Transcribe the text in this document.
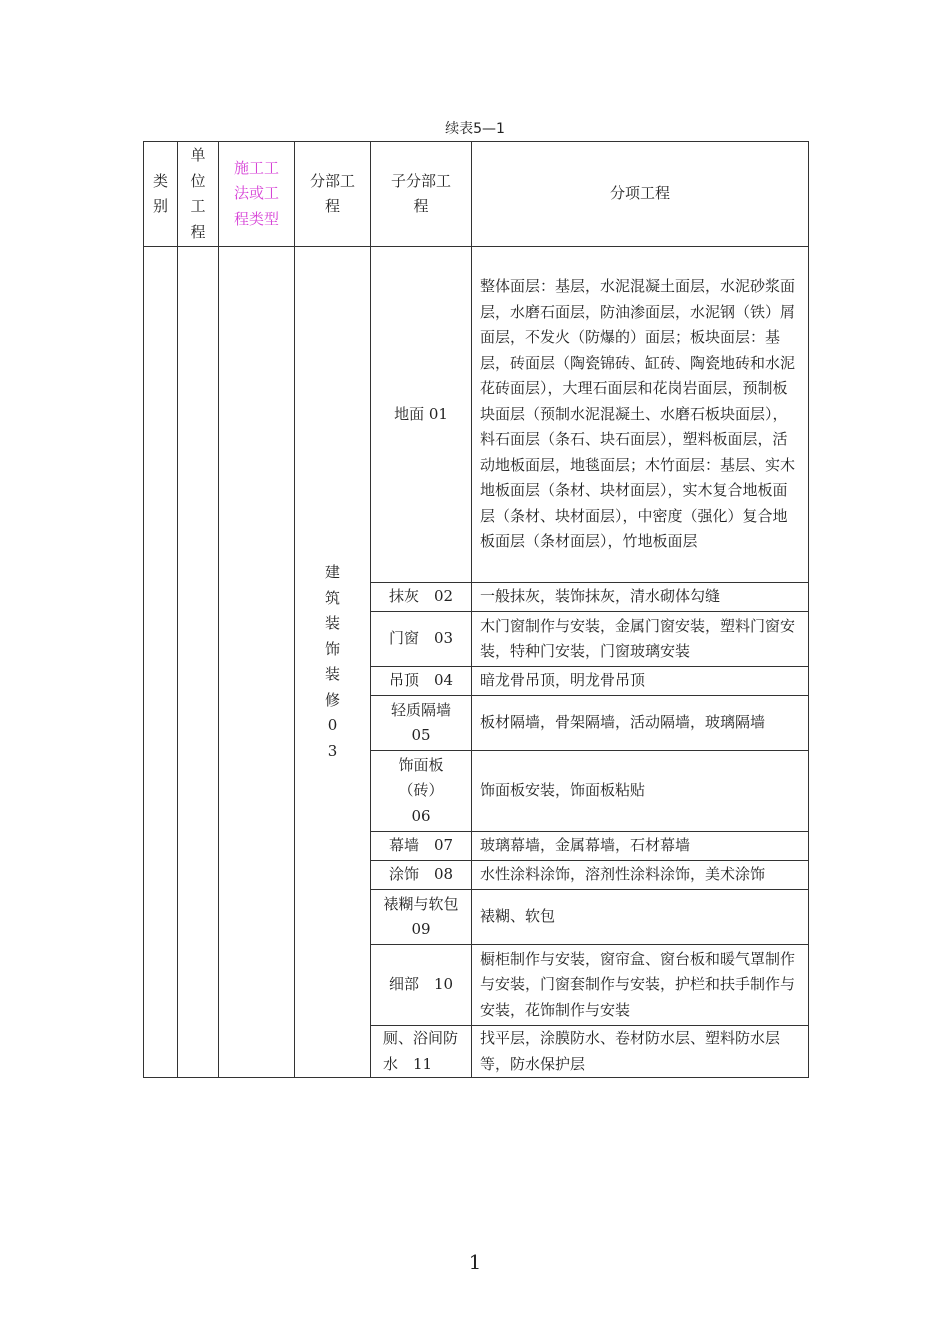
续表5—1
类别	单位工程	施工工法或工程类型	分部工程	子分部工程	分项工程

			建筑装饰装修 03	地面 01	整体面层：基层，水泥混凝土面层，水泥砂浆面层，水磨石面层，防油渗面层，水泥钢（铁）屑面层，不发火（防爆的）面层；板块面层：基层，砖面层（陶瓷锦砖、缸砖、陶瓷地砖和水泥花砖面层），大理石面层和花岗岩面层，预制板块面层（预制水泥混凝土、水磨石板块面层），料石面层（条石、块石面层），塑料板面层，活动地板面层，地毯面层；木竹面层：基层、实木地板面层（条材、块材面层），实木复合地板面层（条材、块材面层），中密度（强化）复合地板面层（条材面层），竹地板面层
				抹灰　02	一般抹灰，装饰抹灰，清水砌体勾缝
				门窗　03	木门窗制作与安装，金属门窗安装，塑料门窗安装，特种门安装，门窗玻璃安装
				吊顶　04	暗龙骨吊顶，明龙骨吊顶

				轻质隔墙 05	板材隔墙，骨架隔墙，活动隔墙，玻璃隔墙

				饰面板（砖）06	饰面板安装，饰面板粘贴
				幕墙　07	玻璃幕墙，金属幕墙，石材幕墙
				涂饰　08	水性涂料涂饰，溶剂性涂料涂饰，美术涂饰

				裱糊与软包　09	裱糊、软包
				细部　10	橱柜制作与安装，窗帘盒、窗台板和暖气罩制作与安装，门窗套制作与安装，护栏和扶手制作与安装，花饰制作与安装

				厕、浴间防水　11	找平层，涂膜防水、卷材防水层、塑料防水层等，防水保护层
1
